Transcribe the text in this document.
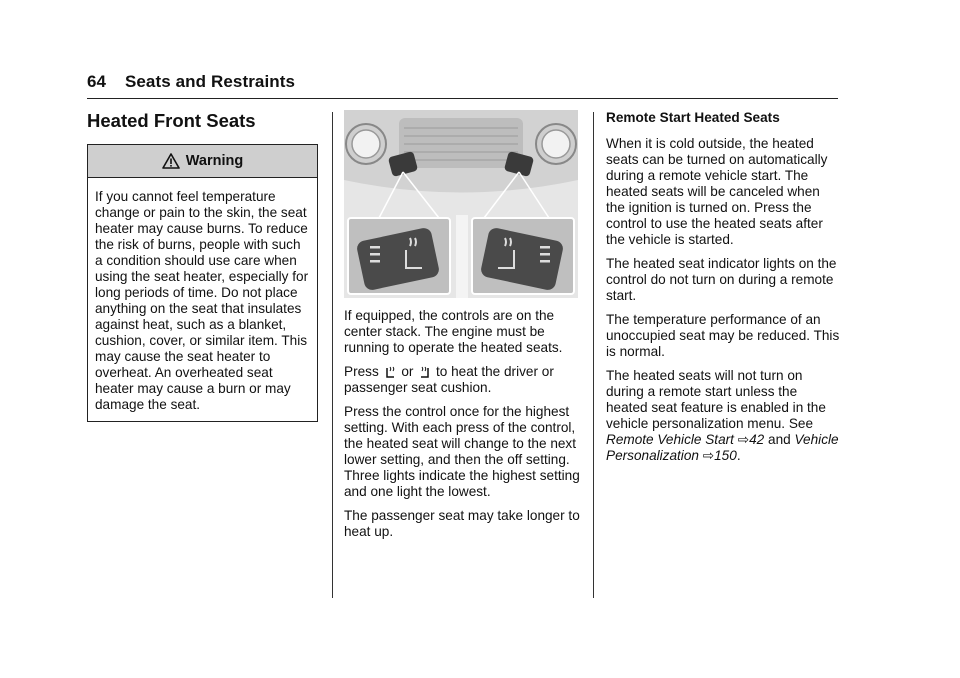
64 Seats and Restraints
Heated Front Seats
Warning

If you cannot feel temperature change or pain to the skin, the seat heater may cause burns. To reduce the risk of burns, people with such a condition should use care when using the seat heater, especially for long periods of time. Do not place anything on the seat that insulates against heat, such as a blanket, cushion, cover, or similar item. This may cause the seat heater to overheat. An overheated seat heater may cause a burn or may damage the seat.

If equipped, the controls are on the center stack. The engine must be running to operate the heated seats.

Press or to heat the driver or passenger seat cushion.

Press the control once for the highest setting. With each press of the control, the heated seat will change to the next lower setting, and then the off setting. Three lights indicate the highest setting and one light the lowest.

The passenger seat may take longer to heat up.

Remote Start Heated Seats

When it is cold outside, the heated seats can be turned on automatically during a remote vehicle start. The heated seats will be canceled when the ignition is turned on. Press the control to use the heated seats after the vehicle is started.

The heated seat indicator lights on the control do not turn on during a remote start.

The temperature performance of an unoccupied seat may be reduced. This is normal.

The heated seats will not turn on during a remote start unless the heated seat feature is enabled in the vehicle personalization menu. See Remote Vehicle Start ⇨42 and Vehicle Personalization ⇨150.
